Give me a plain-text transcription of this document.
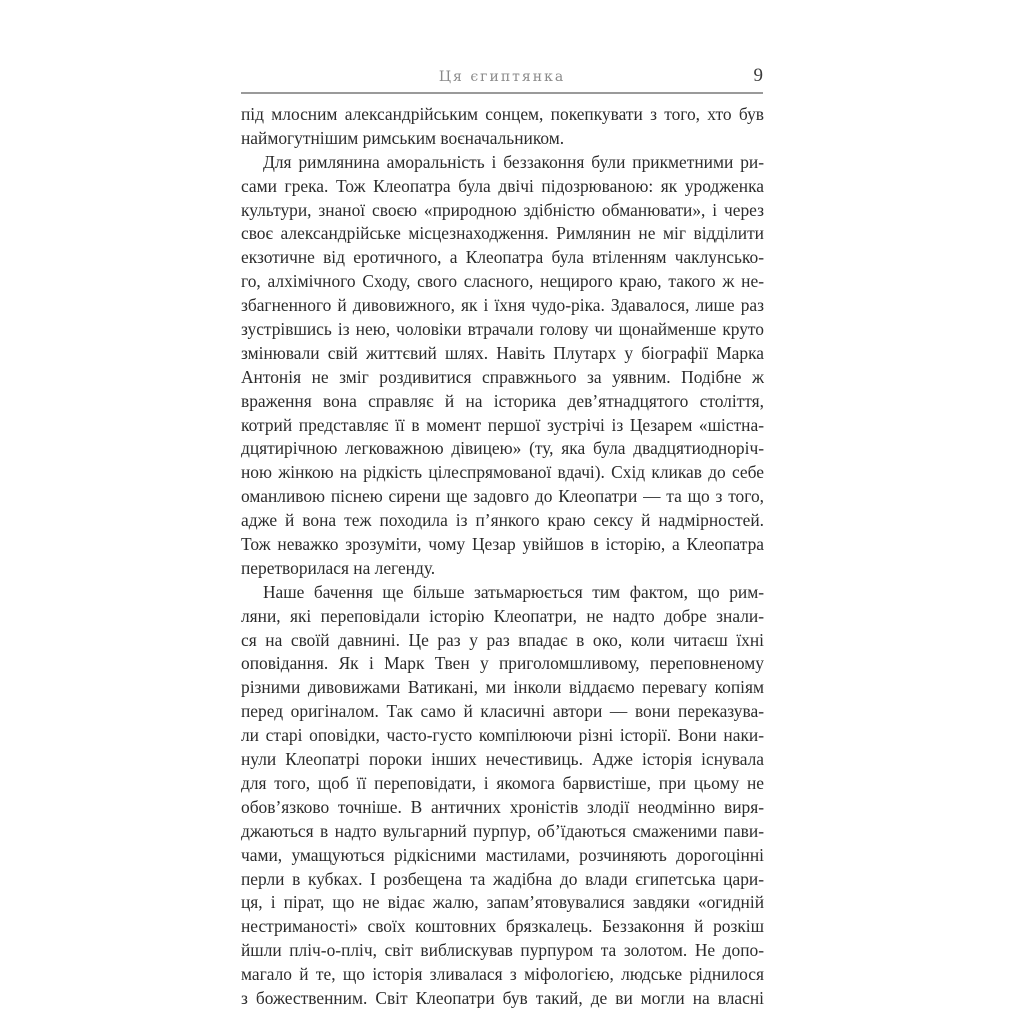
Ця єгиптянка	9
під млосним александрійським сонцем, покепкувати з того, хто був
наймогутнішим римським воєначальником.
Для римлянина аморальність і беззаконня були прикметними ри-
сами грека. Тож Клеопатра була двічі підозрюваною: як уродженка
культури, знаної своєю «природною здібністю обманювати», і через
своє александрійське місцезнаходження. Римлянин не міг відділити
екзотичне від еротичного, а Клеопатра була втіленням чаклунсько-
го, алхімічного Сходу, свого сласного, нещирого краю, такого ж не-
збагненного й дивовижного, як і їхня чудо-ріка. Здавалося, лише раз
зустрівшись із нею, чоловіки втрачали голову чи щонайменше круто
змінювали свій життєвий шлях. Навіть Плутарх у біографії Марка
Антонія не зміг роздивитися справжнього за уявним. Подібне ж
враження вона справляє й на історика дев’ятнадцятого століття,
котрий представляє її в момент першої зустрічі із Цезарем «шістна-
дцятирічною легковажною дівицею» (ту, яка була двадцятиодноріч-
ною жінкою на рідкість цілеспрямованої вдачі). Схід кликав до себе
оманливою піснею сирени ще задовго до Клеопатри — та що з того,
адже й вона теж походила із п’янкого краю сексу й надмірностей.
Тож неважко зрозуміти, чому Цезар увійшов в історію, а Клеопатра
перетворилася на легенду.
Наше бачення ще більше затьмарюється тим фактом, що рим-
ляни, які переповідали історію Клеопатри, не надто добре знали-
ся на своїй давнині. Це раз у раз впадає в око, коли читаєш їхні
оповідання. Як і Марк Твен у приголомшливому, переповненому
різними дивовижами Ватикані, ми інколи віддаємо перевагу копіям
перед оригіналом. Так само й класичні автори — вони переказува-
ли старі оповідки, часто-густо компілюючи різні історії. Вони наки-
нули Клеопатрі пороки інших нечестивиць. Адже історія існувала
для того, щоб її переповідати, і якомога барвистіше, при цьому не
обов’язково точніше. В античних хроністів злодії неодмінно виря-
джаються в надто вульгарний пурпур, об’їдаються смаженими пави-
чами, умащуються рідкісними мастилами, розчиняють дорогоцінні
перли в кубках. І розбещена та жадібна до влади єгипетська цари-
ця, і пірат, що не відає жалю, запам’ятовувалися завдяки «огидній
нестриманості» своїх коштовних брязкалець. Беззаконня й розкіш
йшли пліч-о-пліч, світ виблискував пурпуром та золотом. Не допо-
магало й те, що історія зливалася з міфологією, людське ріднилося
з божественним. Світ Клеопатри був такий, де ви могли на власні
